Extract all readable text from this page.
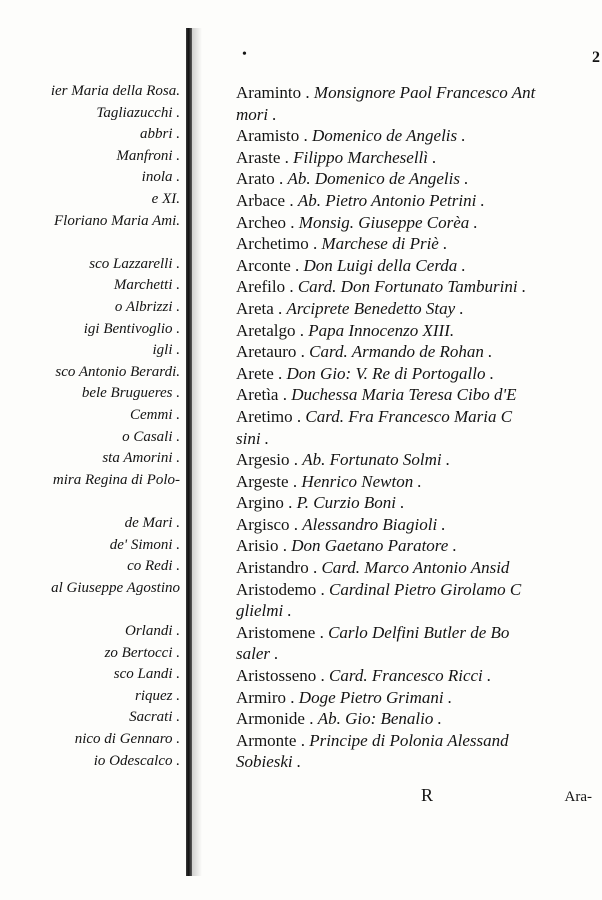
ier Maria della Rosa.
Tagliazucchi .
abbri .
Manfroni .
inola .
e XI.
Floriano Maria Ami.
sco Lazzarelli .
Marchetti .
o Albrizzi .
igi Bentivoglio .
igli .
sco Antonio Berardi.
bele Brugueres .
Cemmi .
o Casali .
sta Amorini .
mira Regina di Polo-
de Mari .
de' Simoni .
co Redi .
al Giuseppe Agostino
Orlandi .
zo Bertocci .
sco Landi .
riquez .
Sacrati .
nico di Gennaro .
io Odescalco .
Ara-
•	2
Araminto . Monsignore Paol Francesco Ant
mori .
Aramisto . Domenico de Angelis .
Araste . Filippo Marchesellì .
Arato . Ab. Domenico de Angelis .
Arbace . Ab. Pietro Antonio Petrini .
Archeo . Monsig. Giuseppe Corèa .
Archetimo . Marchese di Priè .
Arconte . Don Luigi della Cerda .
Arefilo . Card. Don Fortunato Tamburini .
Areta . Arciprete Benedetto Stay .
Aretalgo . Papa Innocenzo XIII.
Aretauro . Card. Armando de Rohan .
Arete . Don Gio: V. Re di Portogallo .
Aretìa . Duchessa Maria Teresa Cibo d'E
Aretimo . Card. Fra Francesco Maria C
sini .
Argesio . Ab. Fortunato Solmi .
Argeste . Henrico Newton .
Argino . P. Curzio Boni .
Argisco . Alessandro Biagioli .
Arisio . Don Gaetano Paratore .
Aristandro . Card. Marco Antonio Ansid
Aristodemo . Cardinal Pietro Girolamo C
glielmi .
Aristomene . Carlo Delfini Butler de Bo
saler .
Aristosseno . Card. Francesco Ricci .
Armiro . Doge Pietro Grimani .
Armonide . Ab. Gio: Benalio .
Armonte . Principe di Polonia Alessand
Sobieski .
R
